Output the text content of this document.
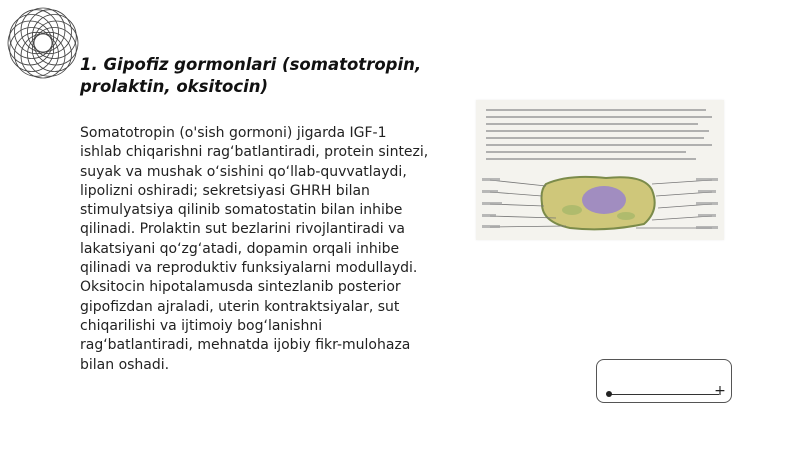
1. Gipofiz gormonlari (somatotropin, prolaktin, oksitocin)

Somatotropin (o'sish gormoni) jigarda IGF-1 ishlab chiqarishni rag‘batlantiradi, protein sintezi, suyak va mushak o‘sishini qo‘llab-quvvatlaydi, lipolizni oshiradi; sekretsiyasi GHRH bilan stimulyatsiya qilinib somatostatin bilan inhibe qilinadi. Prolaktin sut bezlarini rivojlantiradi va lakatsiyani qo‘zg‘atadi, dopamin orqali inhibe qilinadi va reproduktiv funksiyalarni modullaydi. Oksitocin hipotalamusda sintezlanib posterior gipofizdan ajraladi, uterin kontraktsiyalar, sut chiqarilishi va ijtimoiy bog‘lanishni rag‘batlantiradi, mehnatda ijobiy fikr-mulohaza bilan oshadi.

+
